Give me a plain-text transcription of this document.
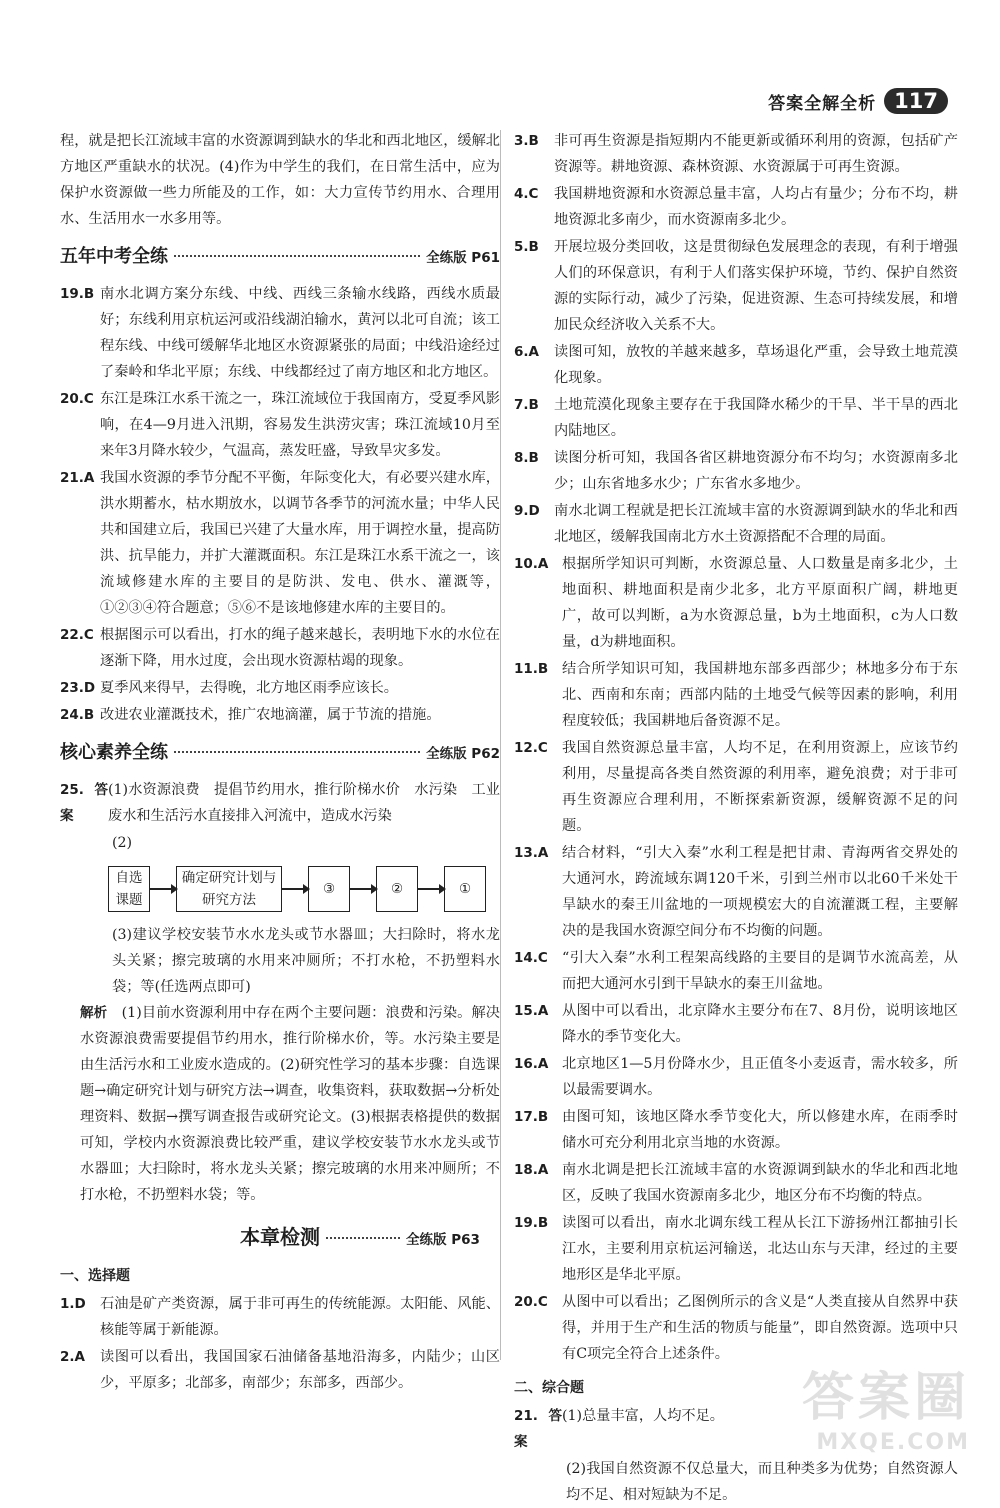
答案全解全析 117

程，就是把长江流域丰富的水资源调到缺水的华北和西北地区，缓解北方地区严重缺水的状况。(4)作为中学生的我们，在日常生活中，应为保护水资源做一些力所能及的工作，如：大力宣传节约用水、合理用水、生活用水一水多用等。

五年中考全练	全练版 P61
19.B 南水北调方案分东线、中线、西线三条输水线路，西线水质最好；东线利用京杭运河或沿线湖泊输水，黄河以北可自流；该工程东线、中线可缓解华北地区水资源紧张的局面；中线沿途经过了秦岭和华北平原；东线、中线都经过了南方地区和北方地区。
20.C 东江是珠江水系干流之一，珠江流域位于我国南方，受夏季风影响，在4—9月进入汛期，容易发生洪涝灾害；珠江流域10月至来年3月降水较少，气温高，蒸发旺盛，导致旱灾多发。
21.A 我国水资源的季节分配不平衡，年际变化大，有必要兴建水库，洪水期蓄水，枯水期放水，以调节各季节的河流水量；中华人民共和国建立后，我国已兴建了大量水库，用于调控水量，提高防洪、抗旱能力，并扩大灌溉面积。东江是珠江水系干流之一，该流域修建水库的主要目的是防洪、发电、供水、灌溉等，①②③④符合题意；⑤⑥不是该地修建水库的主要目的。
22.C 根据图示可以看出，打水的绳子越来越长，表明地下水的水位在逐渐下降，用水过度，会出现水资源枯竭的现象。
23.D 夏季风来得早，去得晚，北方地区雨季应该长。
24.B 改进农业灌溉技术，推广农地滴灌，属于节流的措施。
核心素养全练	全练版 P62
25.答案
(1)水资源浪费　提倡节约用水，推行阶梯水价　水污染　工业废水和生活污水直接排入河流中，造成水污染
(2)
自选课题
确定研究计划与研究方法
③	②	①

(3)建议学校安装节水水龙头或节水器皿；大扫除时，将水龙头关紧；擦完玻璃的水用来冲厕所；不打水枪，不扔塑料水袋；等(任选两点即可)

解析　 (1)目前水资源利用中存在两个主要问题：浪费和污染。解决水资源浪费需要提倡节约用水，推行阶梯水价，等。水污染主要是由生活污水和工业废水造成的。(2)研究性学习的基本步骤：自选课题→确定研究计划与研究方法→调查，收集资料，获取数据→分析处理资料、数据→撰写调查报告或研究论文。(3)根据表格提供的数据可知，学校内水资源浪费比较严重，建议学校安装节水水龙头或节水器皿；大扫除时，将水龙头关紧；擦完玻璃的水用来冲厕所；不打水枪，不扔塑料水袋；等。

本章检测	全练版 P63
一、选择题
1.D	石油是矿产类资源，属于非可再生的传统能源。太阳能、风能、核能等属于新能源。
2.A	读图可以看出，我国国家石油储备基地沿海多，内陆少；山区少，平原多；北部多，南部少；东部多，西部少。
3.B	非可再生资源是指短期内不能更新或循环利用的资源，包括矿产资源等。耕地资源、森林资源、水资源属于可再生资源。
4.C	我国耕地资源和水资源总量丰富，人均占有量少；分布不均，耕地资源北多南少，而水资源南多北少。
5.B	开展垃圾分类回收，这是贯彻绿色发展理念的表现，有利于增强人们的环保意识，有利于人们落实保护环境，节约、保护自然资源的实际行动，减少了污染，促进资源、生态可持续发展，和增加民众经济收入关系不大。
6.A	读图可知，放牧的羊越来越多，草场退化严重，会导致土地荒漠化现象。
7.B	土地荒漠化现象主要存在于我国降水稀少的干旱、半干旱的西北内陆地区。
8.B	读图分析可知，我国各省区耕地资源分布不均匀；水资源南多北少；山东省地多水少；广东省水多地少。
9.D	南水北调工程就是把长江流域丰富的水资源调到缺水的华北和西北地区，缓解我国南北方水土资源搭配不合理的局面。
10.A 根据所学知识可判断，水资源总量、人口数量是南多北少，土地面积、耕地面积是南少北多，北方平原面积广阔，耕地更广，故可以判断，a为水资源总量，b为土地面积，c为人口数量，d为耕地面积。
11.B 结合所学知识可知，我国耕地东部多西部少；林地多分布于东北、西南和东南；西部内陆的土地受气候等因素的影响，利用程度较低；我国耕地后备资源不足。
12.C 我国自然资源总量丰富，人均不足，在利用资源上，应该节约利用，尽量提高各类自然资源的利用率，避免浪费；对于非可再生资源应合理利用，不断探索新资源，缓解资源不足的问题。
13.A 结合材料，“引大入秦”水利工程是把甘肃、青海两省交界处的大通河水，跨流域东调120千米，引到兰州市以北60千米处干旱缺水的秦王川盆地的一项规模宏大的自流灌溉工程，主要解决的是我国水资源空间分布不均衡的问题。
14.C “引大入秦”水利工程架高线路的主要目的是调节水流高差，从而把大通河水引到干旱缺水的秦王川盆地。
15.A 从图中可以看出，北京降水主要分布在7、8月份，说明该地区降水的季节变化大。
16.A 北京地区1—5月份降水少，且正值冬小麦返青，需水较多，所以最需要调水。
17.B 由图可知，该地区降水季节变化大，所以修建水库，在雨季时储水可充分利用北京当地的水资源。
18.A 南水北调是把长江流域丰富的水资源调到缺水的华北和西北地区，反映了我国水资源南多北少，地区分布不均衡的特点。
19.B 读图可以看出，南水北调东线工程从长江下游扬州江都抽引长江水，主要利用京杭运河输送，北达山东与天津，经过的主要地形区是华北平原。
20.C 从图中可以看出；乙图例所示的含义是“人类直接从自然界中获得，并用于生产和生活的物质与能量”，即自然资源。选项中只有C项完全符合上述条件。
二、综合题
21.答案
(1)总量丰富，人均不足。

(2)我国自然资源不仅总量大，而且种类多为优势；自然资源人均不足、相对短缺为不足。

答案圈
MXQE.COM
